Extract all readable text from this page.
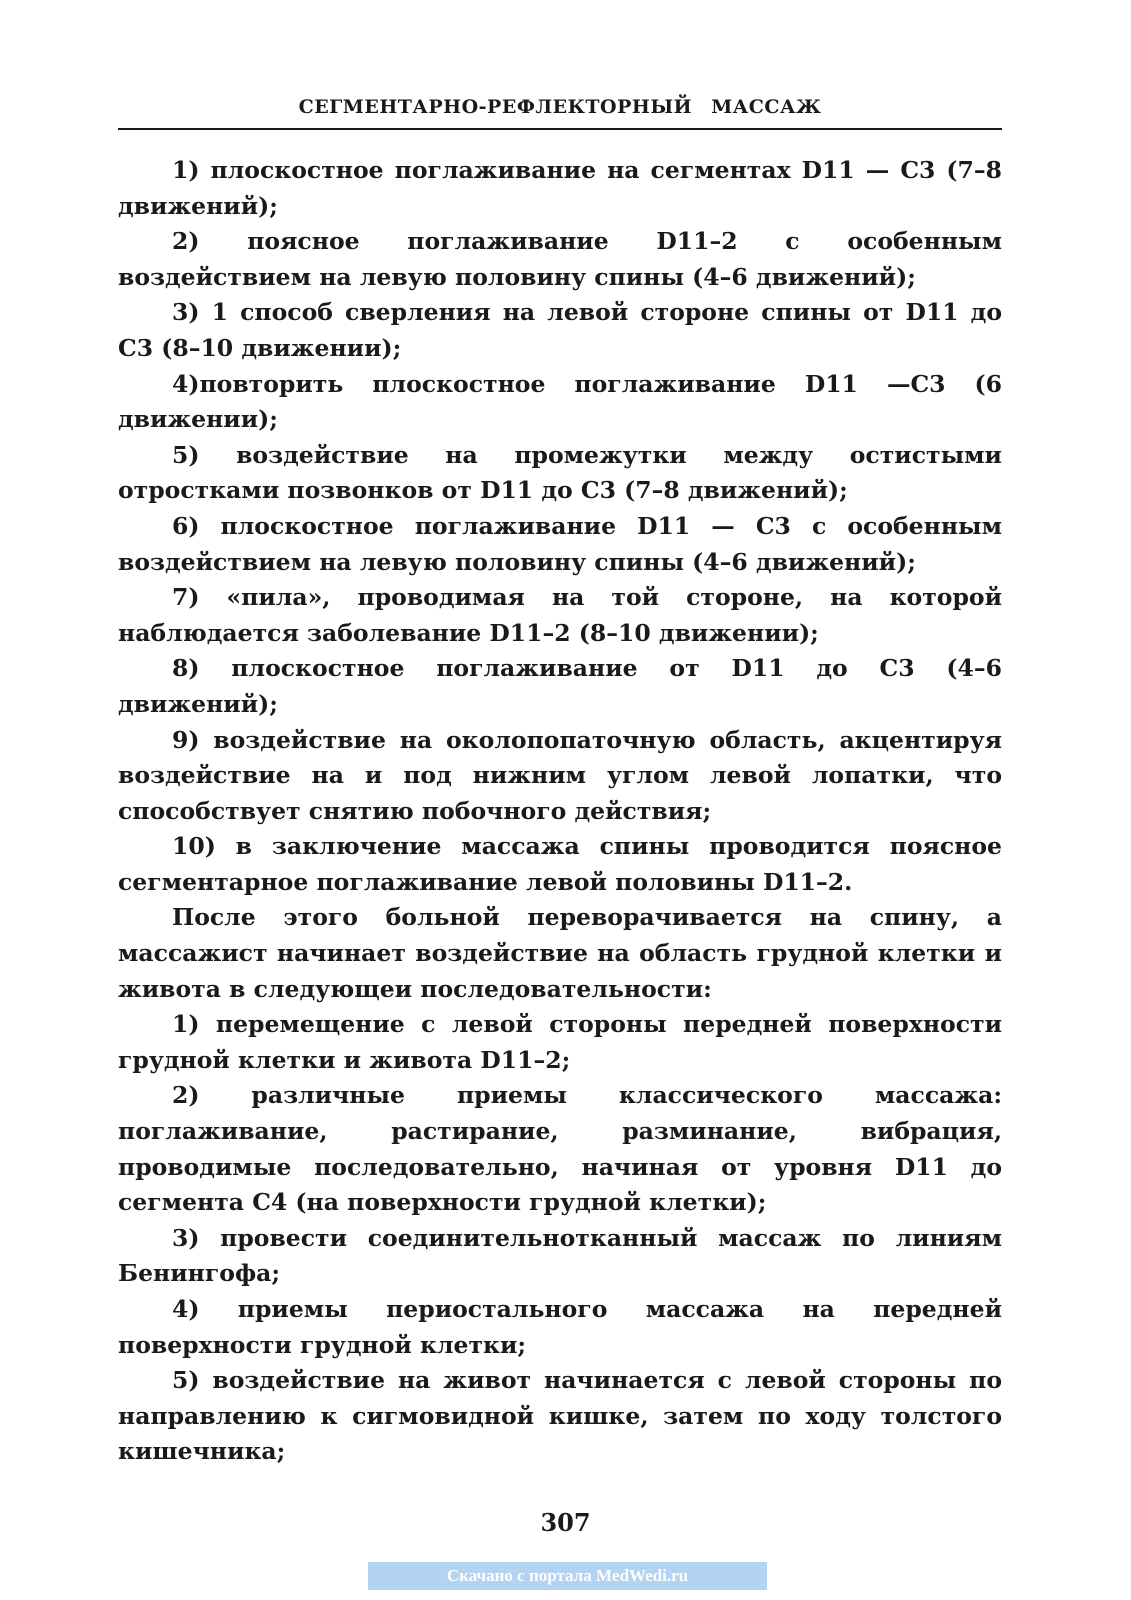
СЕГМЕНТАРНО-РЕФЛЕКТОРНЫЙ МАССАЖ

1) плоскостное поглаживание на сегментах D11 — С3 (7–8 движений);

2) поясное поглаживание D11–2 с особенным воздействием на левую половину спины (4–6 движений);

3) 1 способ сверления на левой стороне спины от D11 до С3 (8–10 движении);

4)повторить плоскостное поглаживание D11 —С3 (6 движении);

5) воздействие на промежутки между остистыми отростками позвонков от D11 до С3 (7–8 движений);

6) плоскостное поглаживание D11 — С3 с особенным воздействием на левую половину спины (4–6 движений);

7) «пила», проводимая на той стороне, на которой наблюдается заболевание D11–2 (8–10 движении);

8) плоскостное поглаживание от D11 до С3 (4–6 движений);

9) воздействие на околопопаточную область, акцентируя воздействие на и под нижним углом левой лопатки, что способствует снятию побочного действия;

10) в заключение массажа спины проводится поясное сегментарное поглаживание левой половины D11–2.

После этого больной переворачивается на спину, а массажист начинает воздействие на область грудной клетки и живота в следующеи последовательности:

1) перемещение с левой стороны передней поверхности грудной клетки и живота D11–2;

2) различные приемы классического массажа: поглаживание, растирание, разминание, вибрация, проводимые последовательно, начиная от уровня D11 до сегмента С4 (на поверхности грудной клетки);

3) провести соединительнотканный массаж по линиям Бенингофа;

4) приемы периостального массажа на передней поверхности грудной клетки;

5) воздействие на живот начинается с левой стороны по направлению к сигмовидной кишке, затем по ходу толстого кишечника;

307
Скачано с портала MedWedi.ru
